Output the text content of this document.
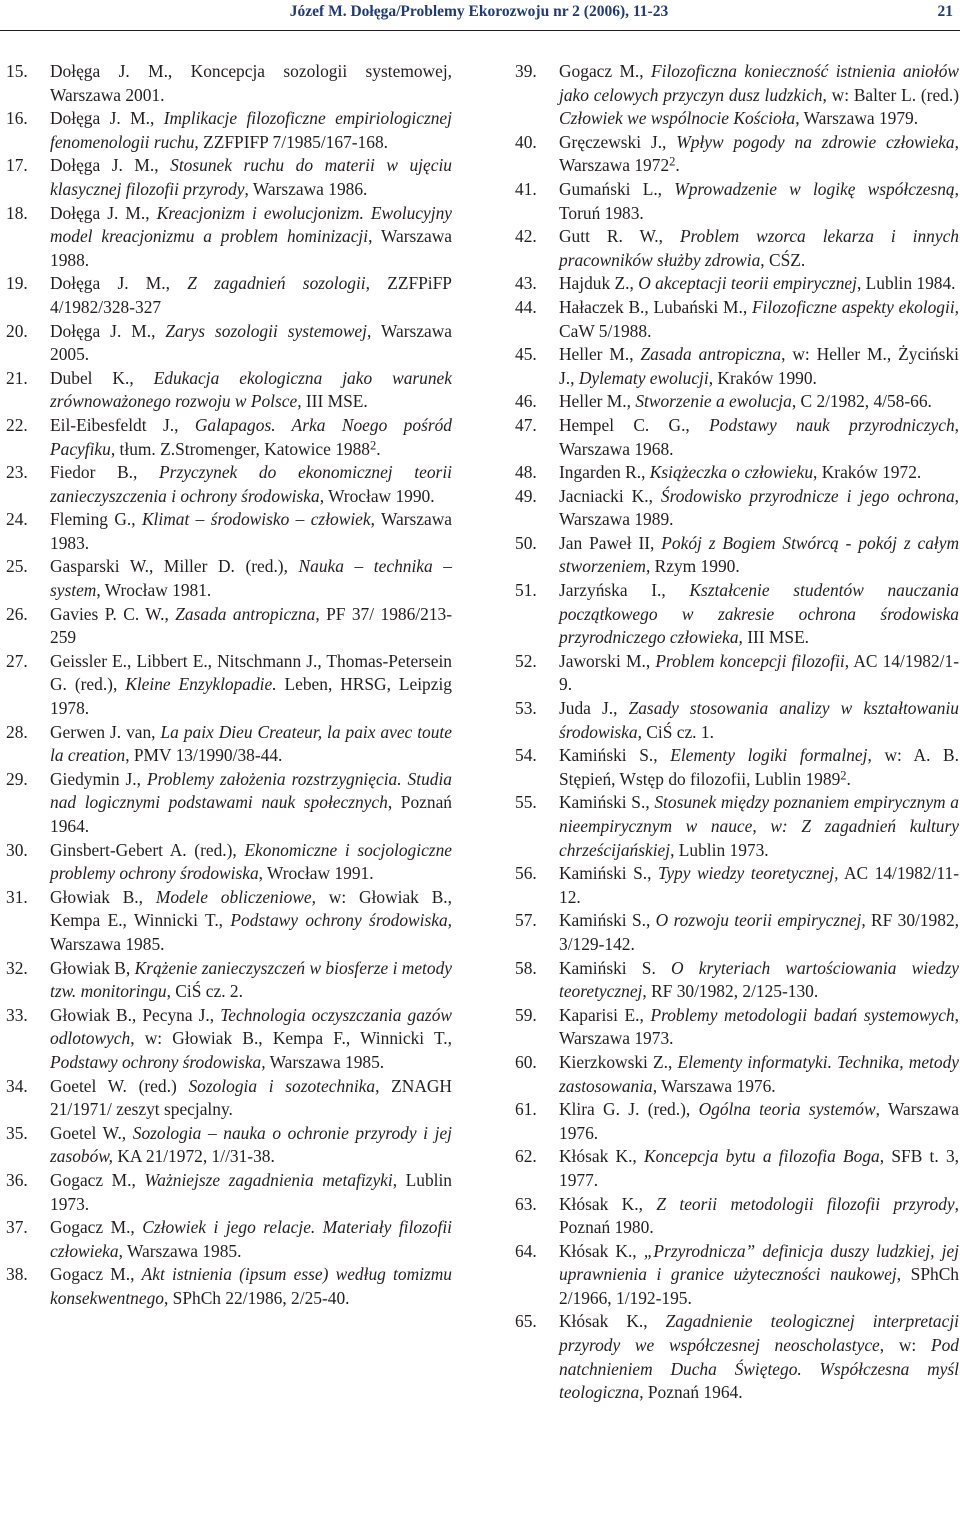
Józef M. Dołęga/Problemy Ekorozwoju nr 2 (2006), 11-23	21

15. Dołęga J. M., Koncepcja sozologii systemowej, Warszawa 2001.

16. Dołęga J. M., Implikacje filozoficzne empiriologicznej fenomenologii ruchu, ZZFPIFP 7/1985/167-168.

17. Dołęga J. M., Stosunek ruchu do materii w ujęciu klasycznej filozofii przyrody, Warszawa 1986.

18. Dołęga J. M., Kreacjonizm i ewolucjonizm. Ewolucyjny model kreacjonizmu a problem hominizacji, Warszawa 1988.

19. Dołęga J. M., Z zagadnień sozologii, ZZFPiFP 4/1982/328-327

20. Dołęga J. M., Zarys sozologii systemowej, Warszawa 2005.

21. Dubel K., Edukacja ekologiczna jako warunek zrównoważonego rozwoju w Polsce, III MSE.

22. Eil-Eibesfeldt J., Galapagos. Arka Noego pośród Pacyfiku, tłum. Z.Stromenger, Katowice 1988$^2$.

23. Fiedor B., Przyczynek do ekonomicznej teorii zanieczyszczenia i ochrony środowiska, Wrocław 1990.

24. Fleming G., Klimat – środowisko – człowiek, Warszawa 1983.

25. Gasparski W., Miller D. (red.), Nauka – technika – system, Wrocław 1981.

26. Gavies P. C. W., Zasada antropiczna, PF 37/ 1986/213-259

27. Geissler E., Libbert E., Nitschmann J., Thomas-Petersein G. (red.), Kleine Enzyklopadie. Leben, HRSG, Leipzig 1978.

28. Gerwen J. van, La paix Dieu Createur, la paix avec toute la creation, PMV 13/1990/38-44.

29. Giedymin J., Problemy założenia rozstrzygnięcia. Studia nad logicznymi podstawami nauk społecznych, Poznań 1964.

30. Ginsbert-Gebert A. (red.), Ekonomiczne i socjologiczne problemy ochrony środowiska, Wrocław 1991.

31. Głowiak B., Modele obliczeniowe, w: Głowiak B., Kempa E., Winnicki T., Podstawy ochrony środowiska, Warszawa 1985.

32. Głowiak B, Krążenie zanieczyszczeń w biosferze i metody tzw. monitoringu, CiŚ cz. 2.

33. Głowiak B., Pecyna J., Technologia oczyszczania gazów odlotowych, w: Głowiak B., Kempa F., Winnicki T., Podstawy ochrony środowiska, Warszawa 1985.

34. Goetel W. (red.) Sozologia i sozotechnika, ZNAGH 21/1971/ zeszyt specjalny.

35. Goetel W., Sozologia – nauka o ochronie przyrody i jej zasobów, KA 21/1972, 1//31-38.

36. Gogacz M., Ważniejsze zagadnienia metafizyki, Lublin 1973.

37. Gogacz M., Człowiek i jego relacje. Materiały filozofii człowieka, Warszawa 1985.

38. Gogacz M., Akt istnienia (ipsum esse) według tomizmu konsekwentnego, SPhCh 22/1986, 2/25-40.

39. Gogacz M., Filozoficzna konieczność istnienia aniołów jako celowych przyczyn dusz ludzkich, w: Balter L. (red.) Człowiek we wspólnocie Kościoła, Warszawa 1979.

40. Gręczewski J., Wpływ pogody na zdrowie człowieka, Warszawa 1972$^2$.

41. Gumański L., Wprowadzenie w logikę współczesną, Toruń 1983.

42. Gutt R. W., Problem wzorca lekarza i innych pracowników służby zdrowia, CŚZ.

43. Hajduk Z., O akceptacji teorii empirycznej, Lublin 1984.

44. Hałaczek B., Lubański M., Filozoficzne aspekty ekologii, CaW 5/1988.

45. Heller M., Zasada antropiczna, w: Heller M., Życiński J., Dylematy ewolucji, Kraków 1990.

46. Heller M., Stworzenie a ewolucja, C 2/1982, 4/58-66.

47. Hempel C. G., Podstawy nauk przyrodniczych, Warszawa 1968.

48. Ingarden R., Książeczka o człowieku, Kraków 1972.

49. Jacniacki K., Środowisko przyrodnicze i jego ochrona, Warszawa 1989.

50. Jan Paweł II, Pokój z Bogiem Stwórcą - pokój z całym stworzeniem, Rzym 1990.

51. Jarzyńska I., Kształcenie studentów nauczania początkowego w zakresie ochrona środowiska przyrodniczego człowieka, III MSE.

52. Jaworski M., Problem koncepcji filozofii, AC 14/1982/1-9.

53. Juda J., Zasady stosowania analizy w kształtowaniu środowiska, CiŚ cz. 1.

54. Kamiński S., Elementy logiki formalnej, w: A. B. Stępień, Wstęp do filozofii, Lublin 1989$^2$.

55. Kamiński S., Stosunek między poznaniem empirycznym a nieempirycznym w nauce, w: Z zagadnień kultury chrześcijańskiej, Lublin 1973.

56. Kamiński S., Typy wiedzy teoretycznej, AC 14/1982/11-12.

57. Kamiński S., O rozwoju teorii empirycznej, RF 30/1982, 3/129-142.

58. Kamiński S. O kryteriach wartościowania wiedzy teoretycznej, RF 30/1982, 2/125-130.

59. Kaparisi E., Problemy metodologii badań systemowych, Warszawa 1973.

60. Kierzkowski Z., Elementy informatyki. Technika, metody zastosowania, Warszawa 1976.

61. Klira G. J. (red.), Ogólna teoria systemów, Warszawa 1976.

62. Kłósak K., Koncepcja bytu a filozofia Boga, SFB t. 3, 1977.

63. Kłósak K., Z teorii metodologii filozofii przyrody, Poznań 1980.

64. Kłósak K., „Przyrodnicza” definicja duszy ludzkiej, jej uprawnienia i granice użyteczności naukowej, SPhCh 2/1966, 1/192-195.

65. Kłósak K., Zagadnienie teologicznej interpretacji przyrody we współczesnej neoscholastyce, w: Pod natchnieniem Ducha Świętego. Współczesna myśl teologiczna, Poznań 1964.
